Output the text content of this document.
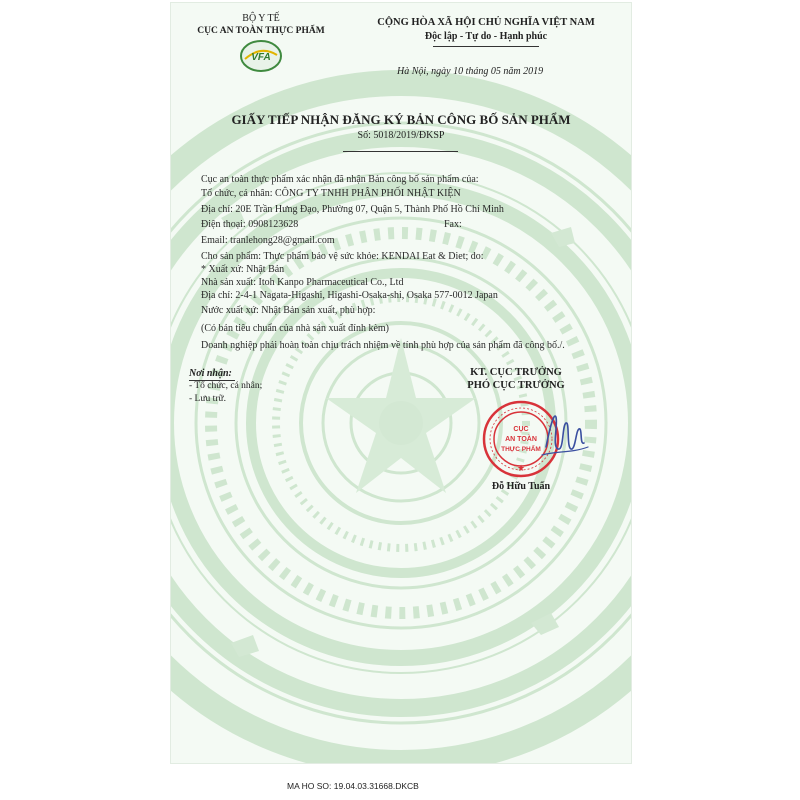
BỘ Y TẾ
CỤC AN TOÀN THỰC PHẨM
VFA
CỘNG HÒA XÃ HỘI CHỦ NGHĨA VIỆT NAM
Độc lập - Tự do - Hạnh phúc
Hà Nội, ngày 10 tháng 05 năm 2019
GIẤY TIẾP NHẬN ĐĂNG KÝ BẢN CÔNG BỐ SẢN PHẨM
Số: 5018/2019/ĐKSP
Cục an toàn thực phẩm xác nhận đã nhận Bản công bố sản phẩm của:
Tổ chức, cá nhân: CÔNG TY TNHH PHÂN PHỐI NHẬT KIỆN
Địa chỉ: 20E Trần Hưng Đạo, Phường 07, Quận 5, Thành Phố Hồ Chí Minh
Điện thoại: 0908123628	Fax:
Email: tranlehong28@gmail.com
Cho sản phẩm: Thực phẩm bảo vệ sức khỏe: KENDAI Eat & Diet; do:
* Xuất xứ: Nhật Bản
Nhà sản xuất: Itoh Kanpo Pharmaceutical Co., Ltd
Địa chỉ: 2-4-1 Nagata-Higashi, Higashi-Osaka-shi, Osaka 577-0012 Japan
Nước xuất xứ: Nhật Bản sản xuất, phù hợp:
(Có bản tiêu chuẩn của nhà sản xuất đính kèm)
Doanh nghiệp phải hoàn toàn chịu trách nhiệm về tính phù hợp của sản phẩm đã công bố./.
Nơi nhận:
- Tổ chức, cá nhân;
- Lưu trữ.
KT. CỤC TRƯỞNG
PHÓ CỤC TRƯỞNG
CỤC
AN TOÀN
THỰC PHẨM
★
Đỗ Hữu Tuấn
MA HO SO: 19.04.03.31668.DKCB
